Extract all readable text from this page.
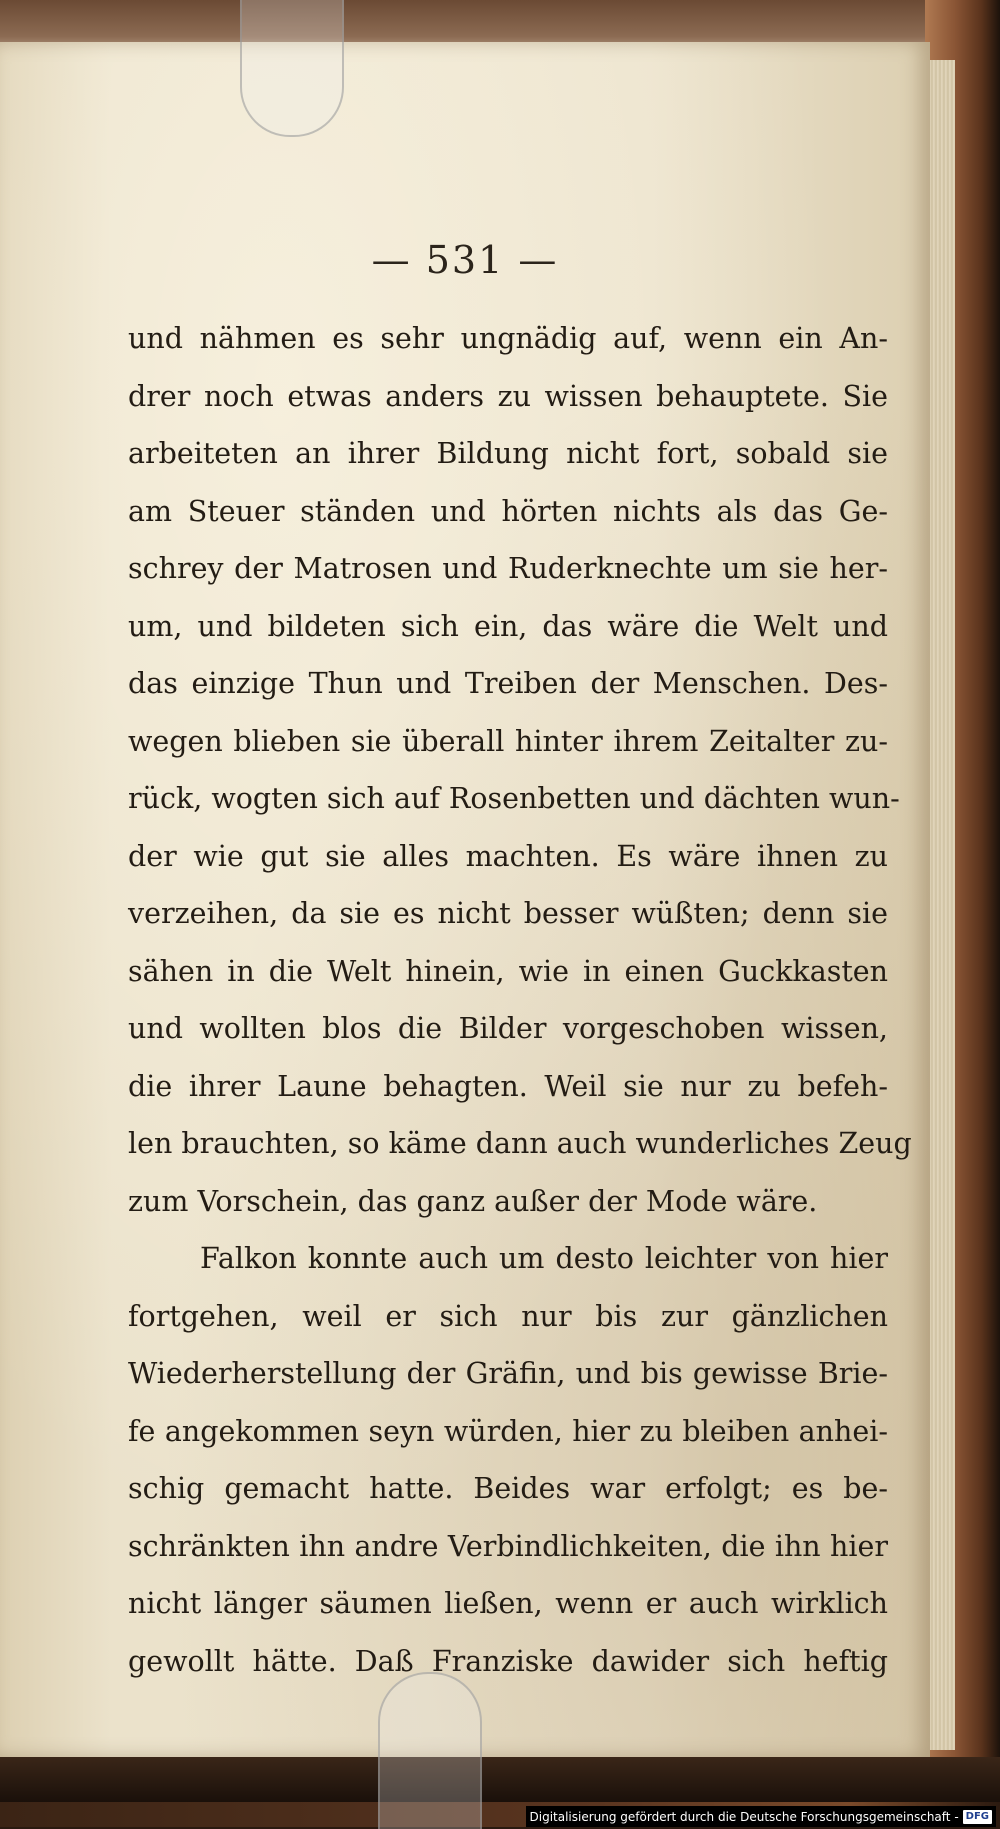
— 531 —
und nähmen es sehr ungnädig auf, wenn ein An-
drer noch etwas anders zu wissen behauptete. Sie
arbeiteten an ihrer Bildung nicht fort, sobald sie
am Steuer ständen und hörten nichts als das Ge-
schrey der Matrosen und Ruderknechte um sie her-
um, und bildeten sich ein, das wäre die Welt und
das einzige Thun und Treiben der Menschen. Des-
wegen blieben sie überall hinter ihrem Zeitalter zu-
rück, wogten sich auf Rosenbetten und dächten wun-
der wie gut sie alles machten. Es wäre ihnen zu
verzeihen, da sie es nicht besser wüßten; denn sie
sähen in die Welt hinein, wie in einen Guckkasten
und wollten blos die Bilder vorgeschoben wissen,
die ihrer Laune behagten. Weil sie nur zu befeh-
len brauchten, so käme dann auch wunderliches Zeug
zum Vorschein, das ganz außer der Mode wäre.
Falkon konnte auch um desto leichter von hier
fortgehen, weil er sich nur bis zur gänzlichen
Wiederherstellung der Gräfin, und bis gewisse Brie-
fe angekommen seyn würden, hier zu bleiben anhei-
schig gemacht hatte. Beides war erfolgt; es be-
schränkten ihn andre Verbindlichkeiten, die ihn hier
nicht länger säumen ließen, wenn er auch wirklich
gewollt hätte. Daß Franziske dawider sich heftig
Digitalisierung gefördert durch die Deutsche Forschungsgemeinschaft - DFG
